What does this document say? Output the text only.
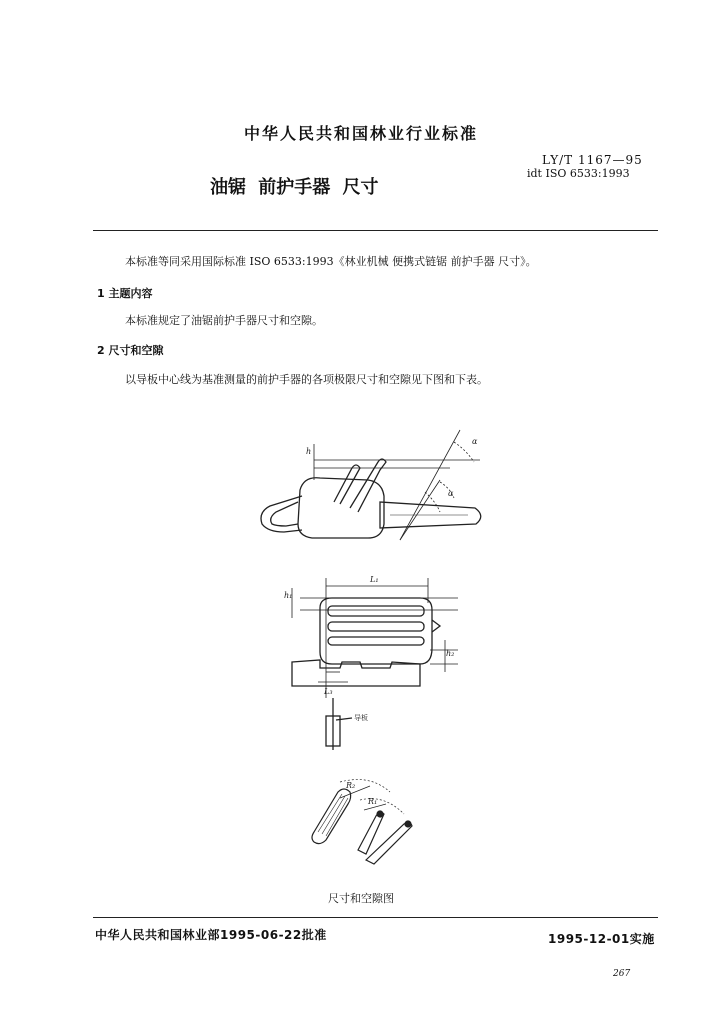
中华人民共和国林业行业标准
油锯 前护手器 尺寸
LY/T 1167—95
idt ISO 6533:1993
本标准等同采用国际标准 ISO 6533:1993《林业机械 便携式链锯 前护手器 尺寸》。
1 主题内容
本标准规定了油锯前护手器尺寸和空隙。
2 尺寸和空隙
以导板中心线为基准测量的前护手器的各项极限尺寸和空隙见下图和下表。
h
α
α
L₁
h₁
h₂
L₃
导板
R₂
R₁
尺寸和空隙图
中华人民共和国林业部1995-06-22批准	1995-12-01实施
267
